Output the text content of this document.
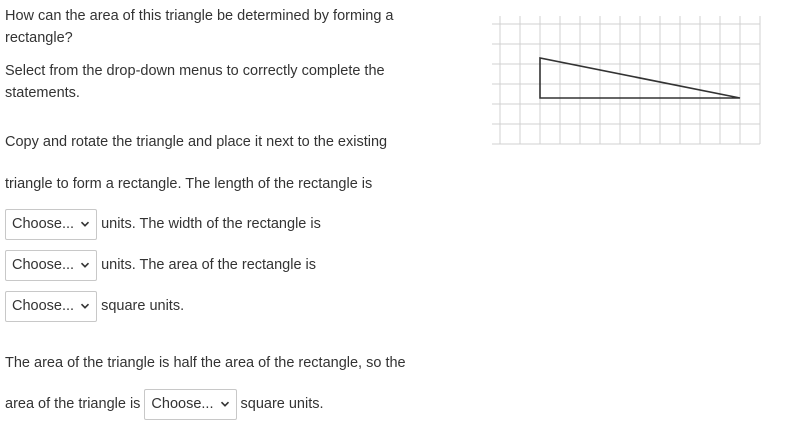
How can the area of this triangle be determined by forming a
rectangle?
Select from the drop-down menus to correctly complete the
statements.
Copy and rotate the triangle and place it next to the existing
triangle to form a rectangle. The length of the rectangle is
Choose... units. The width of the rectangle is
Choose... units. The area of the rectangle is
Choose... square units.
The area of the triangle is half the area of the rectangle, so the
area of the triangle is Choose... square units.
